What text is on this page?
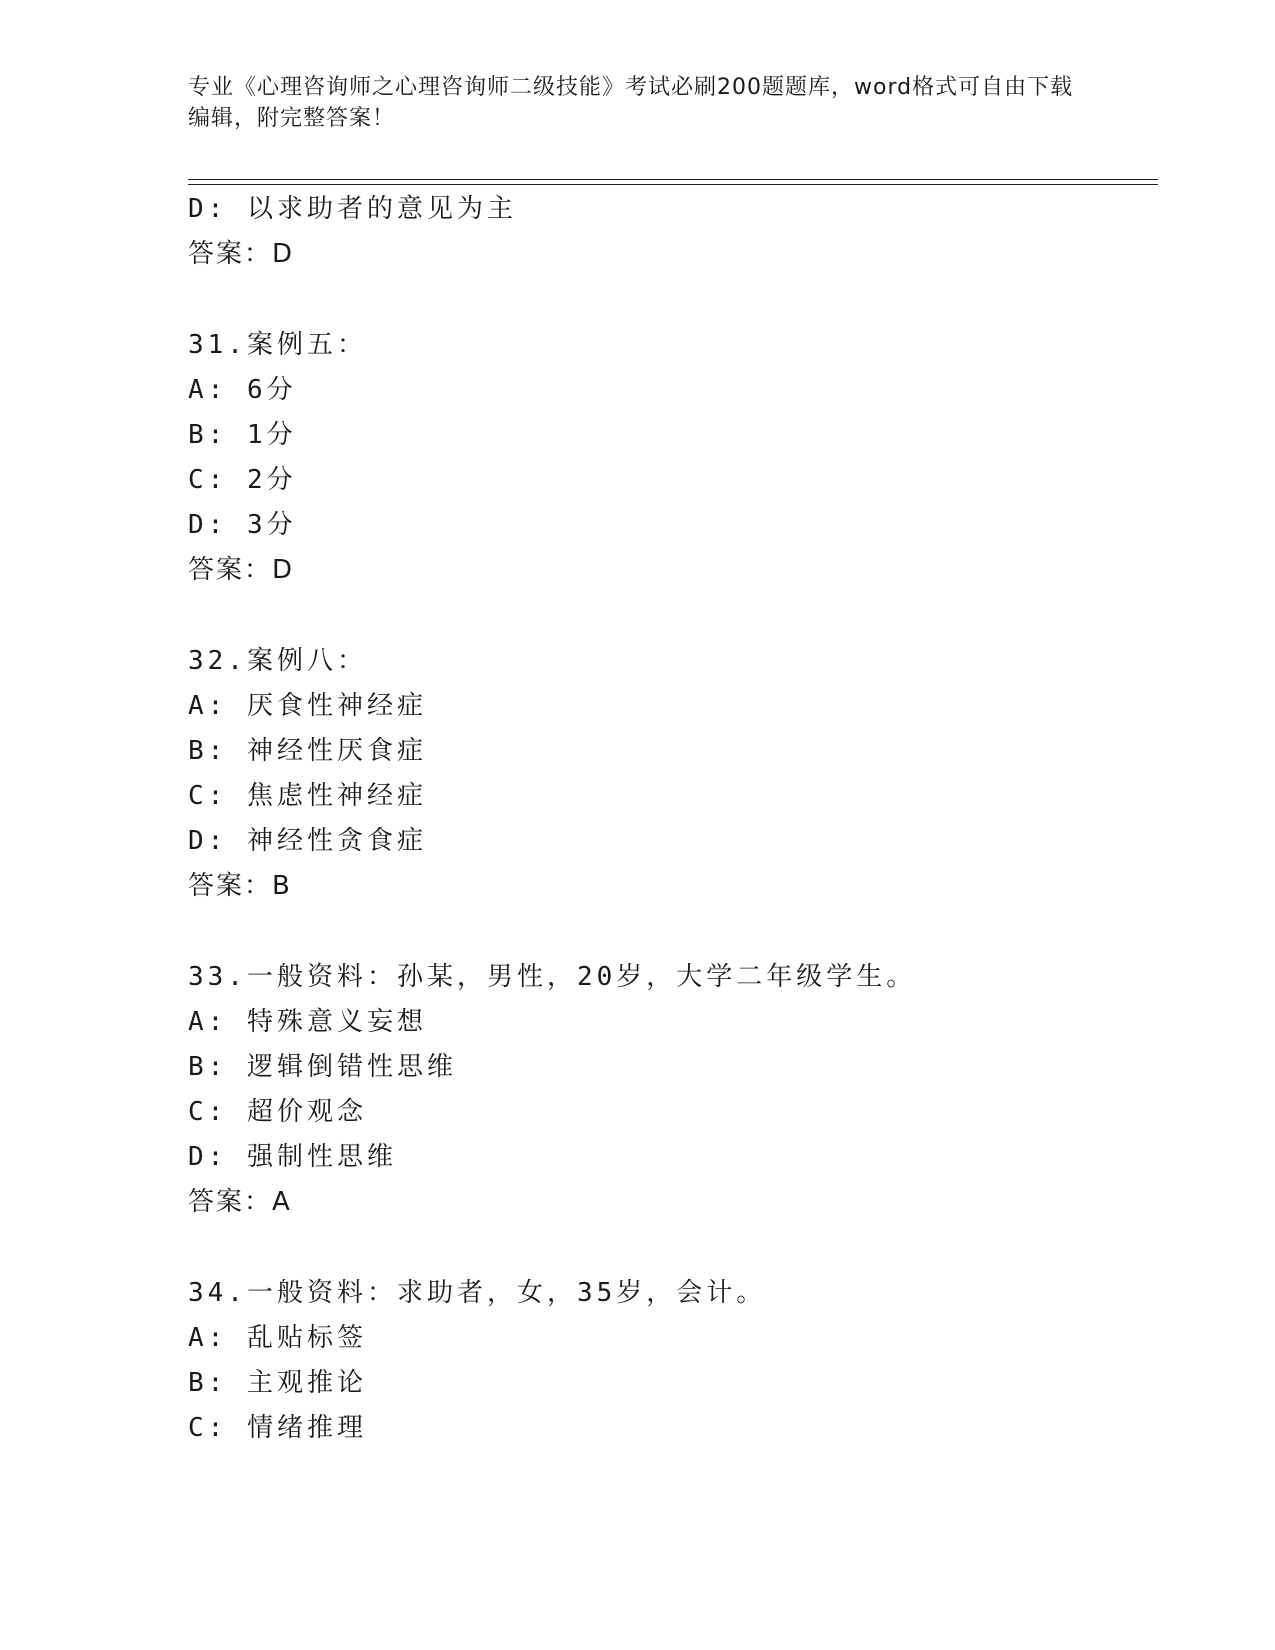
专业《心理咨询师之心理咨询师二级技能》考试必刷200题题库，word格式可自由下载编辑，附完整答案！
D: 以求助者的意见为主
答案：D
31.案例五：
A: 6分
B: 1分
C: 2分
D: 3分
答案：D
32.案例八：
A: 厌食性神经症
B: 神经性厌食症
C: 焦虑性神经症
D: 神经性贪食症
答案：B
33.一般资料：孙某，男性，20岁，大学二年级学生。
A: 特殊意义妄想
B: 逻辑倒错性思维
C: 超价观念
D: 强制性思维
答案：A
34.一般资料：求助者，女，35岁，会计。
A: 乱贴标签
B: 主观推论
C: 情绪推理
